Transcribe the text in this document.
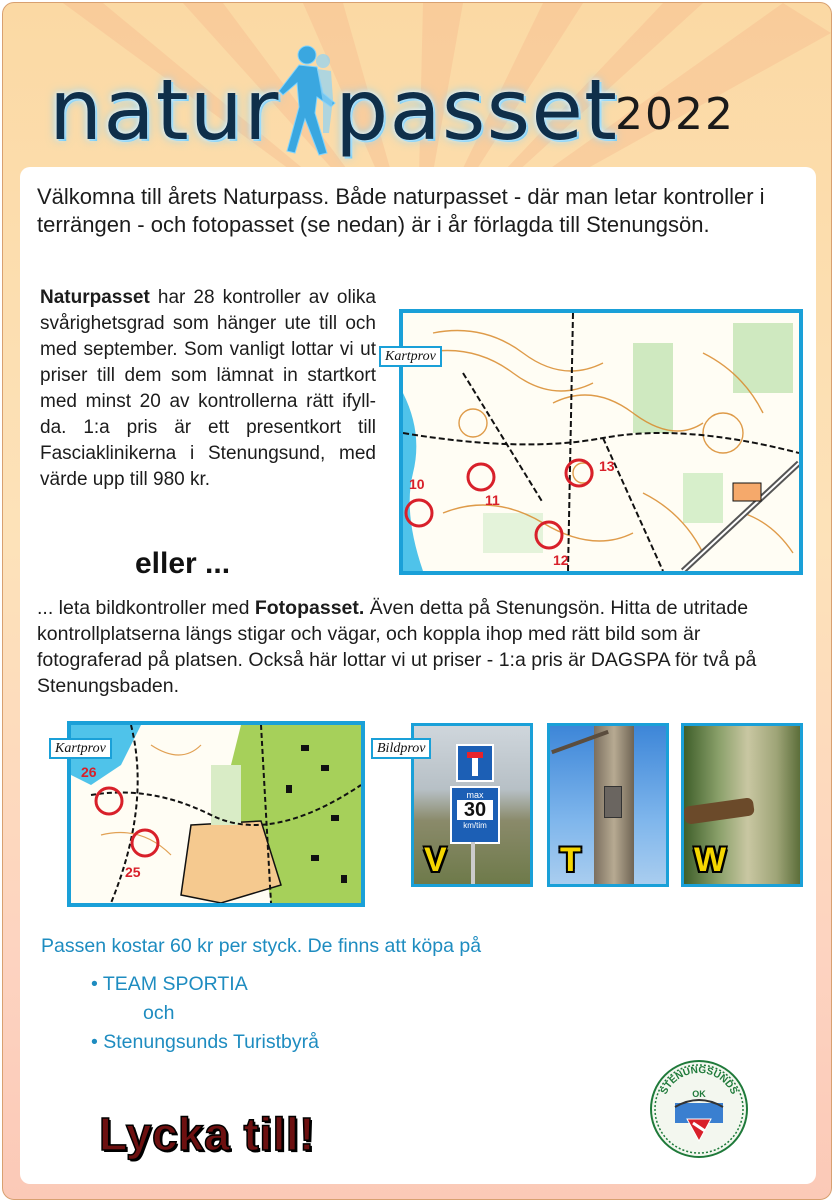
natur passet
2022
Välkomna till årets Naturpass. Både naturpasset - där man letar kontroller i terrängen - och fotopasset (se nedan) är i år förlagda till Stenungsön.
Naturpasset har 28 kontroller av olika svårighetsgrad som hänger ute till och med september. Som vanligt lottar vi ut priser till dem som lämnat in startkort med minst 20 av kontrollerna rätt ifyll-da. 1:a pris är ett presentkort till Fasciaklinikerna i Stenungsund, med värde upp till 980 kr.	10
11
12
13
Kartprov
eller ...
... leta bildkontroller med Fotopasset. Även detta på Stenungsön. Hitta de utritade kontrollplatserna längs stigar och vägar, och koppla ihop med rätt bild som är fotograferad på platsen. Också här lottar vi ut priser - 1:a pris är DAGSPA för två på Stenungsbaden.
26
25
Kartprov
max
30
km/tim
V
Bildprov
T	W
Passen kostar 60 kr per styck. De finns att köpa på
• TEAM SPORTIA
och
• Stenungsunds Turistbyrå
Lycka till!
STENUNGSUNDS
OK
